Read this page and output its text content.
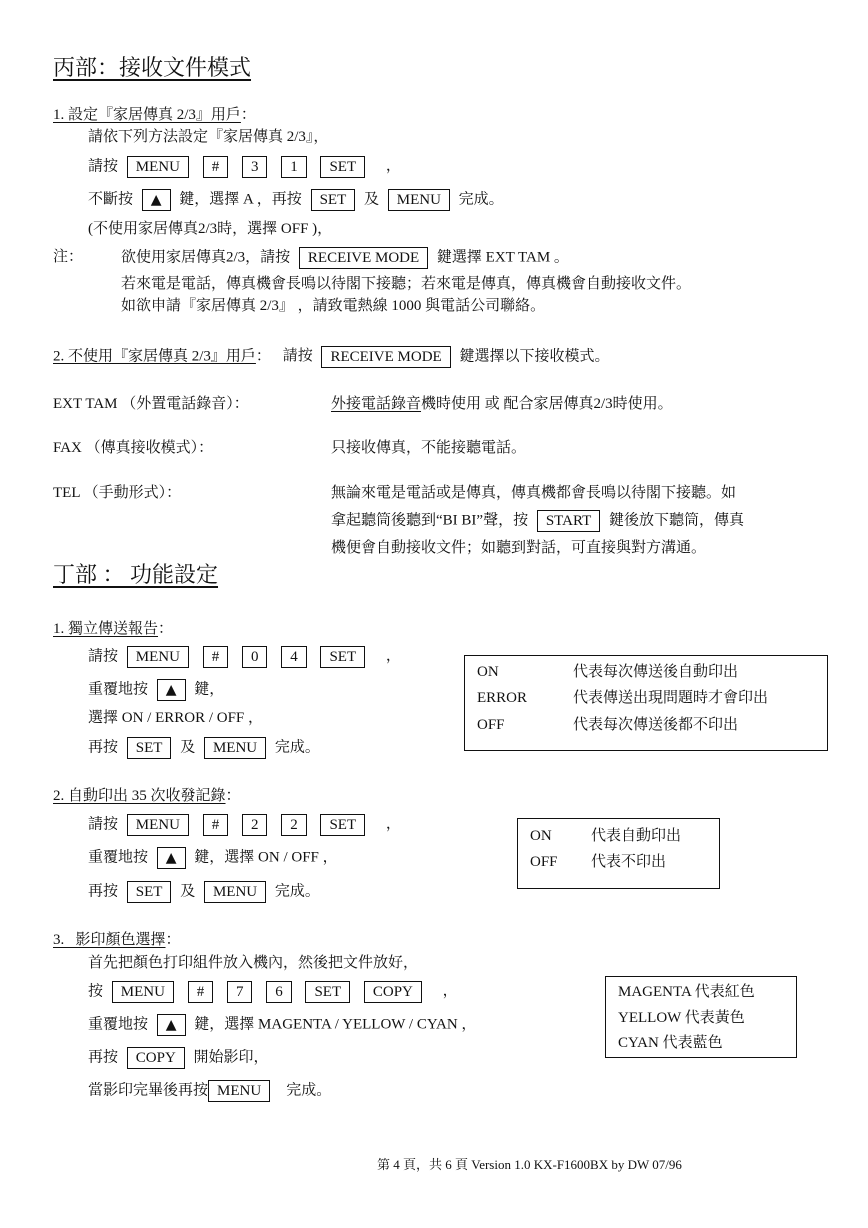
丙部：接收文件模式
1. 設定『家居傳真 2/3』用戶：
請依下列方法設定『家居傳真 2/3』，
請按 MENU # 3 1 SET ，
不斷按 ▲ 鍵，選擇 A ，再按 SET 及 MENU 完成。
(不使用家居傳真2/3時，選擇 OFF )，
注：	欲使用家居傳真2/3，請按 RECEIVE MODE 鍵選擇 EXT TAM 。
若來電是電話，傳真機會長鳴以待閣下接聽；若來電是傳真，傳真機會自動接收文件。
如欲申請『家居傳真 2/3』 ，請致電熱線 1000 與電話公司聯絡。
2. 不使用『家居傳真 2/3』用戶： 請按 RECEIVE MODE 鍵選擇以下接收模式。
EXT TAM （外置電話錄音）：	外接電話錄音機時使用 或 配合家居傳真2/3時使用。
FAX （傳真接收模式）：	只接收傳真，不能接聽電話。
TEL （手動形式）：	無論來電是電話或是傳真，傳真機都會長鳴以待閣下接聽。如
拿起聽筒後聽到“BI BI”聲，按 START 鍵後放下聽筒，傳真
機便會自動接收文件；如聽到對話，可直接與對方溝通。
丁部 ： 功能設定
1. 獨立傳送報告：
請按 MENU # 0 4 SET ，
重覆地按 ▲ 鍵，
選擇 ON / ERROR / OFF ，
再按 SET 及 MENU 完成。
ON	代表每次傳送後自動印出
ERROR	代表傳送出現問題時才會印出
OFF	代表每次傳送後都不印出
2. 自動印出 35 次收發記錄：
請按 MENU # 2 2 SET ，
重覆地按 ▲ 鍵，選擇 ON / OFF ，
再按 SET 及 MENU 完成。
ON	代表自動印出
OFF 代表不印出
3.   影印顏色選擇：
首先把顏色打印組件放入機內，然後把文件放好，
按 MENU # 7 6 SET COPY ，
重覆地按 ▲ 鍵，選擇 MAGENTA / YELLOW / CYAN ，
再按 COPY 開始影印，
當影印完畢後再按 MENU 完成。
MAGENTA 代表紅色
YELLOW 代表黃色
CYAN 代表藍色
第 4 頁，共 6 頁 Version 1.0 KX-F1600BX by DW 07/96
